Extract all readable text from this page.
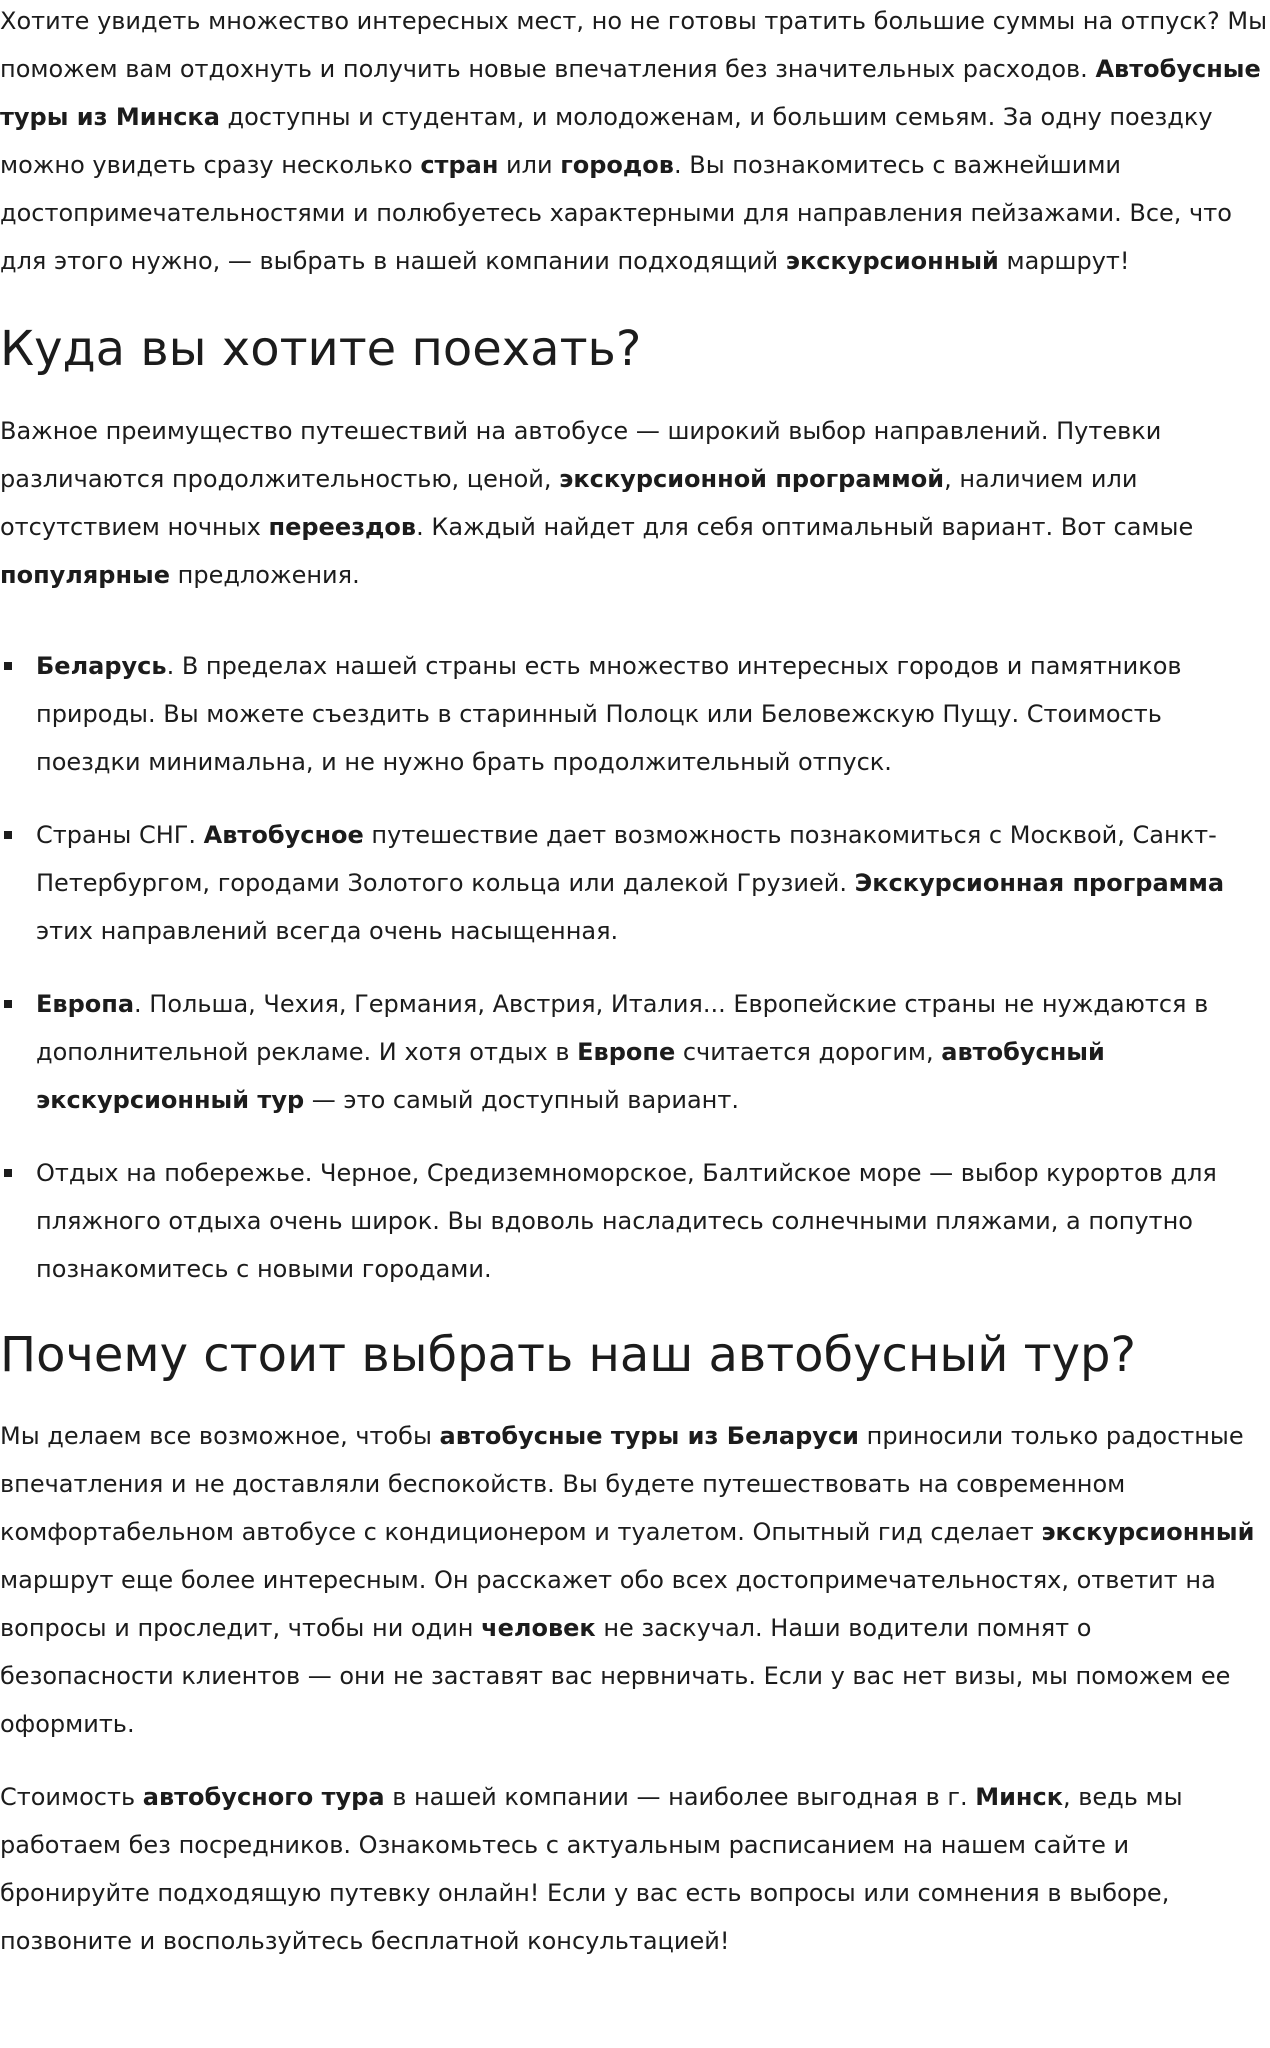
Хотите увидеть множество интересных мест, но не готовы тратить большие суммы на отпуск? Мы поможем вам отдохнуть и получить новые впечатления без значительных расходов. Автобусные туры из Минска доступны и студентам, и молодоженам, и большим семьям. За одну поездку можно увидеть сразу несколько стран или городов. Вы познакомитесь с важнейшими достопримечательностями и полюбуетесь характерными для направления пейзажами. Все, что для этого нужно, — выбрать в нашей компании подходящий экскурсионный маршрут!

Куда вы хотите поехать?

Важное преимущество путешествий на автобусе — широкий выбор направлений. Путевки различаются продолжительностью, ценой, экскурсионной программой, наличием или отсутствием ночных переездов. Каждый найдет для себя оптимальный вариант. Вот самые популярные предложения.

Беларусь. В пределах нашей страны есть множество интересных городов и памятников природы. Вы можете съездить в старинный Полоцк или Беловежскую Пущу. Стоимость поездки минимальна, и не нужно брать продолжительный отпуск.
Страны СНГ. Автобусное путешествие дает возможность познакомиться с Москвой, Санкт-Петербургом, городами Золотого кольца или далекой Грузией. Экскурсионная программа этих направлений всегда очень насыщенная.
Европа. Польша, Чехия, Германия, Австрия, Италия... Европейские страны не нуждаются в дополнительной рекламе. И хотя отдых в Европе считается дорогим, автобусный экскурсионный тур — это самый доступный вариант.
Отдых на побережье. Черное, Средиземноморское, Балтийское море — выбор курортов для пляжного отдыха очень широк. Вы вдоволь насладитесь солнечными пляжами, а попутно познакомитесь с новыми городами.
Почему стоит выбрать наш автобусный тур?

Мы делаем все возможное, чтобы автобусные туры из Беларуси приносили только радостные впечатления и не доставляли беспокойств. Вы будете путешествовать на современном комфортабельном автобусе с кондиционером и туалетом. Опытный гид сделает экскурсионный маршрут еще более интересным. Он расскажет обо всех достопримечательностях, ответит на вопросы и проследит, чтобы ни один человек не заскучал. Наши водители помнят о безопасности клиентов — они не заставят вас нервничать. Если у вас нет визы, мы поможем ее оформить.

Стоимость автобусного тура в нашей компании — наиболее выгодная в г. Минск, ведь мы работаем без посредников. Ознакомьтесь с актуальным расписанием на нашем сайте и бронируйте подходящую путевку онлайн! Если у вас есть вопросы или сомнения в выборе, позвоните и воспользуйтесь бесплатной консультацией!
